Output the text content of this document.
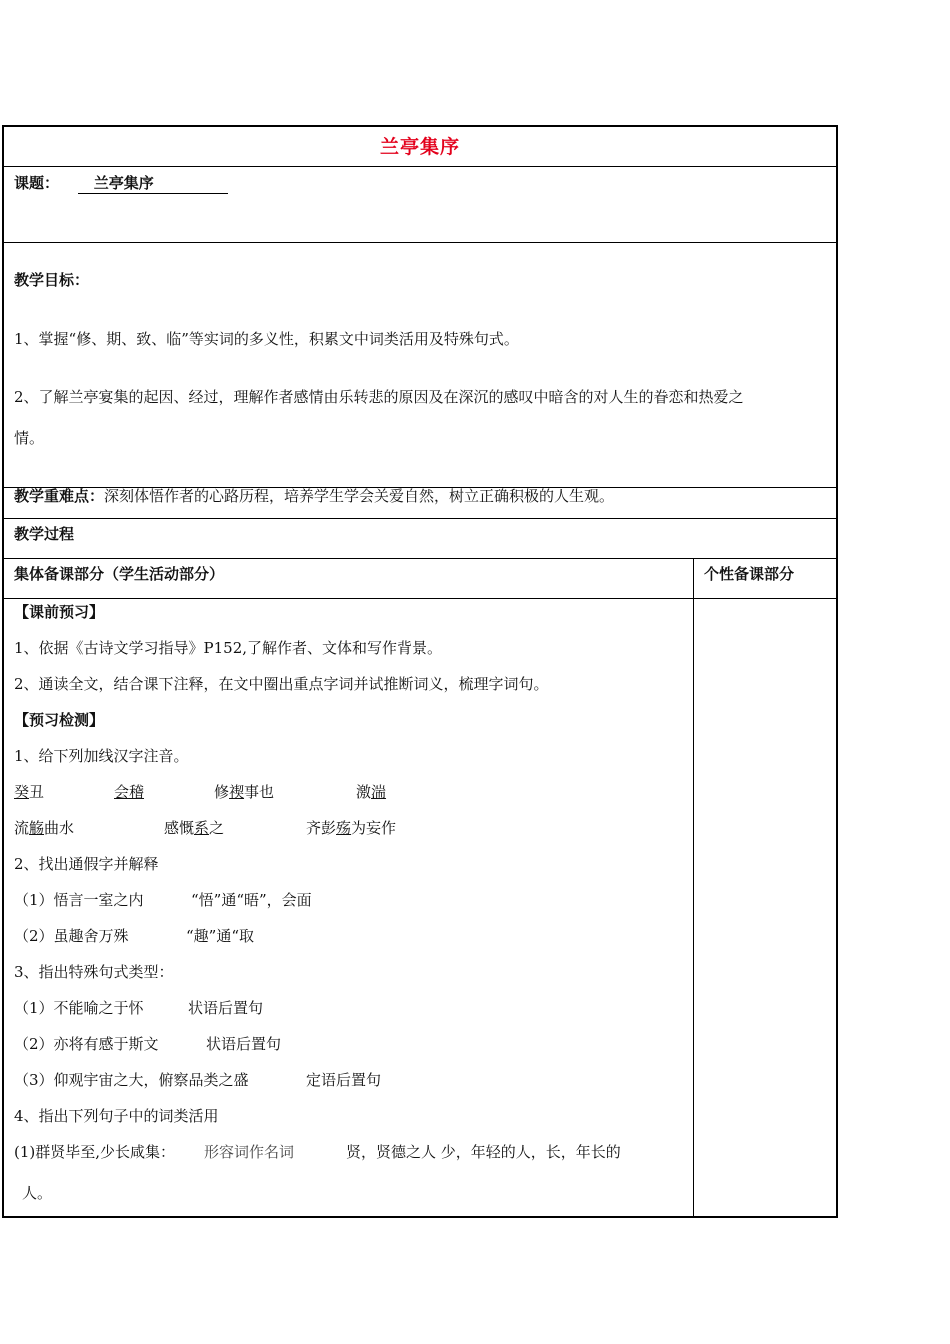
兰亭集序
课题： 兰亭集序
教学目标：
1、掌握“修、期、致、临”等实词的多义性，积累文中词类活用及特殊句式。
2、了解兰亭宴集的起因、经过，理解作者感情由乐转悲的原因及在深沉的感叹中暗含的对人生的眷恋和热爱之
情。
教学重难点：深刻体悟作者的心路历程，培养学生学会关爱自然，树立正确积极的人生观。
教学过程
集体备课部分（学生活动部分）	个性备课部分
【课前预习】
1、依据《古诗文学习指导》P152,了解作者、文体和写作背景。
2、通读全文，结合课下注释，在文中圈出重点字词并试推断词义，梳理字词句。
【预习检测】
1、给下列加线汉字注音。
癸丑	会稽	修禊事也	激湍
流觞曲水	感慨系之	齐彭殇为妄作
2、找出通假字并解释
（1）悟言一室之内	“悟”通“晤”，会面
（2）虽趣舍万殊	“趣”通“取
3、指出特殊句式类型：
（1）不能喻之于怀	状语后置句
（2）亦将有感于斯文	状语后置句
（3）仰观宇宙之大，俯察品类之盛	定语后置句
4、指出下列句子中的词类活用
(1)群贤毕至,少长咸集： 形容词作名词	贤，贤德之人 少，年轻的人，长，年长的
人。
